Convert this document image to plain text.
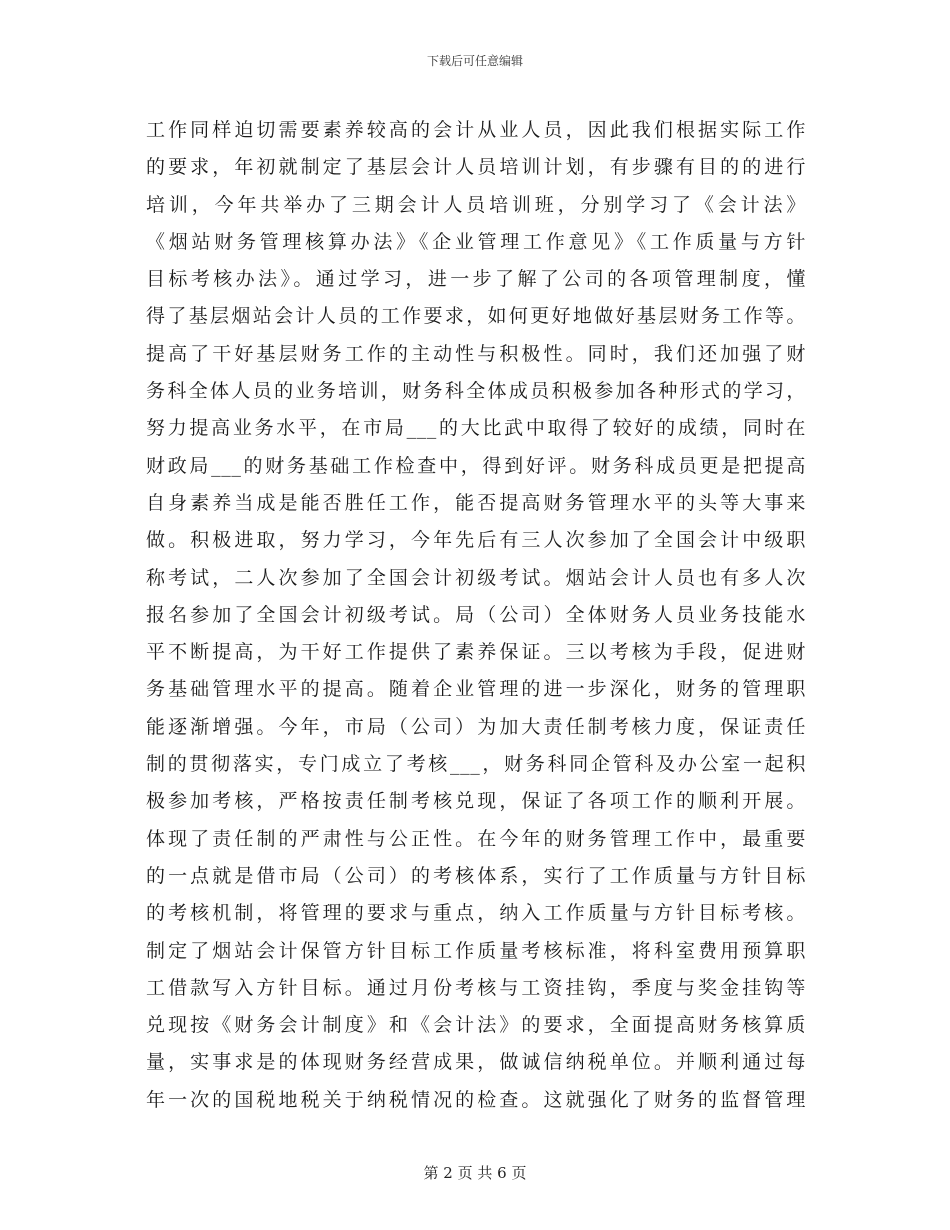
下载后可任意编辑
工作同样迫切需要素养较高的会计从业人员，因此我们根据实际工作
的要求，年初就制定了基层会计人员培训计划，有步骤有目的的进行
培训，今年共举办了三期会计人员培训班，分别学习了《会计法》
《烟站财务管理核算办法》《企业管理工作意见》《工作质量与方针
目标考核办法》。通过学习，进一步了解了公司的各项管理制度，懂
得了基层烟站会计人员的工作要求，如何更好地做好基层财务工作等。
提高了干好基层财务工作的主动性与积极性。同时，我们还加强了财
务科全体人员的业务培训，财务科全体成员积极参加各种形式的学习，
努力提高业务水平，在市局___的大比武中取得了较好的成绩，同时在
财政局___的财务基础工作检查中，得到好评。财务科成员更是把提高
自身素养当成是能否胜任工作，能否提高财务管理水平的头等大事来
做。积极进取，努力学习，今年先后有三人次参加了全国会计中级职
称考试，二人次参加了全国会计初级考试。烟站会计人员也有多人次
报名参加了全国会计初级考试。局（公司）全体财务人员业务技能水
平不断提高，为干好工作提供了素养保证。三以考核为手段，促进财
务基础管理水平的提高。随着企业管理的进一步深化，财务的管理职
能逐渐增强。今年，市局（公司）为加大责任制考核力度，保证责任
制的贯彻落实，专门成立了考核___，财务科同企管科及办公室一起积
极参加考核，严格按责任制考核兑现，保证了各项工作的顺利开展。
体现了责任制的严肃性与公正性。在今年的财务管理工作中，最重要
的一点就是借市局（公司）的考核体系，实行了工作质量与方针目标
的考核机制，将管理的要求与重点，纳入工作质量与方针目标考核。
制定了烟站会计保管方针目标工作质量考核标准，将科室费用预算职
工借款写入方针目标。通过月份考核与工资挂钩，季度与奖金挂钩等
兑现按《财务会计制度》和《会计法》的要求，全面提高财务核算质
量，实事求是的体现财务经营成果，做诚信纳税单位。并顺利通过每
年一次的国税地税关于纳税情况的检查。这就强化了财务的监督管理
第 2 页 共 6 页
